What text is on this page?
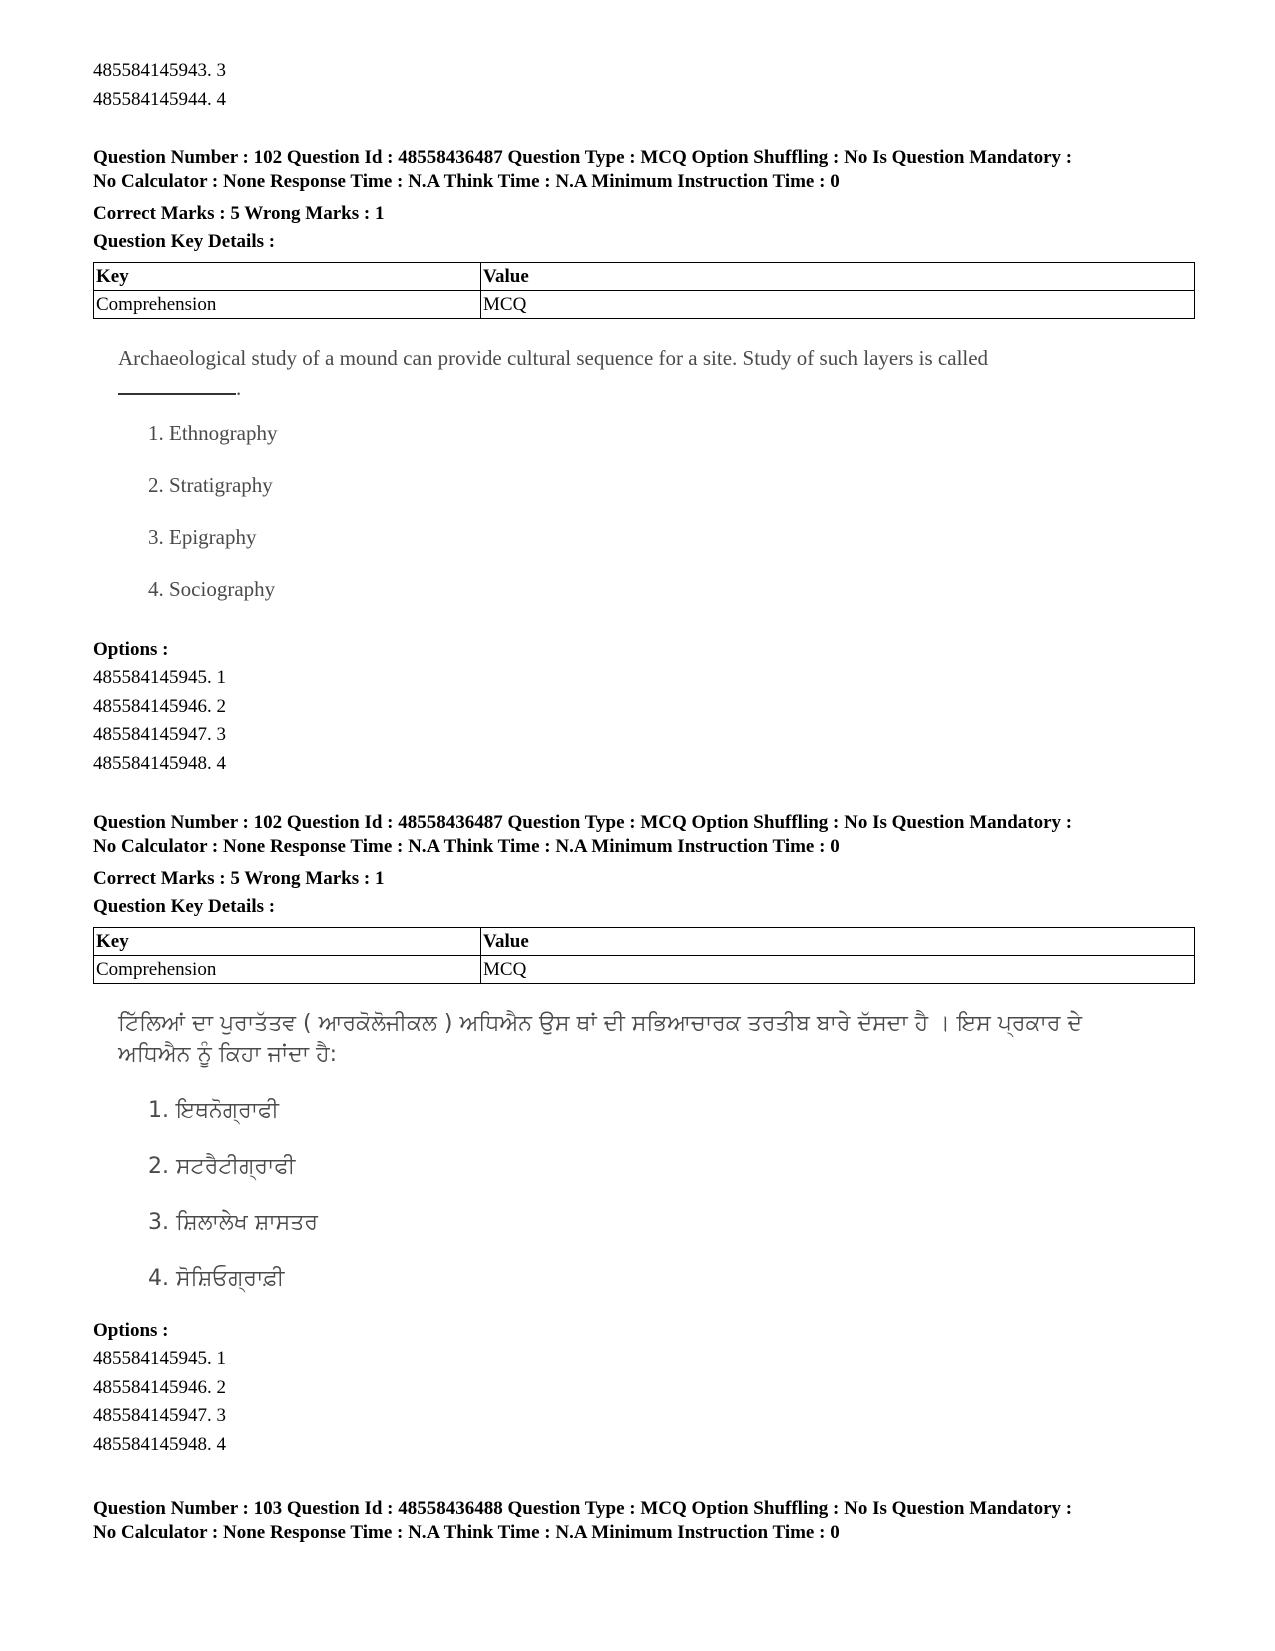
485584145943. 3
485584145944. 4
Question Number : 102 Question Id : 48558436487 Question Type : MCQ Option Shuffling : No Is Question Mandatory :
No Calculator : None Response Time : N.A Think Time : N.A Minimum Instruction Time : 0
Correct Marks : 5 Wrong Marks : 1
Question Key Details :
Key	Value
Comprehension	MCQ
Archaeological study of a mound can provide cultural sequence for a site. Study of such layers is called
.
1. Ethnography
2. Stratigraphy
3. Epigraphy
4. Sociography
Options :
485584145945. 1
485584145946. 2
485584145947. 3
485584145948. 4
Question Number : 102 Question Id : 48558436487 Question Type : MCQ Option Shuffling : No Is Question Mandatory :
No Calculator : None Response Time : N.A Think Time : N.A Minimum Instruction Time : 0
Correct Marks : 5 Wrong Marks : 1
Question Key Details :
Key	Value
Comprehension	MCQ
ਟਿੱਲਿਆਂ ਦਾ ਪੁਰਾਤੱਤਵ ( ਆਰਕੋਲੋਜੀਕਲ ) ਅਧਿਐਨ ਉਸ ਥਾਂ ਦੀ ਸਭਿਆਚਾਰਕ ਤਰਤੀਬ ਬਾਰੇ ਦੱਸਦਾ ਹੈ । ਇਸ ਪ੍ਰਕਾਰ ਦੇ
ਅਧਿਐਨ ਨੂੰ ਕਿਹਾ ਜਾਂਦਾ ਹੈ:
1. ਇਥਨੋਗ੍ਰਾਫੀ
2. ਸਟਰੈਟੀਗ੍ਰਾਫੀ
3. ਸ਼ਿਲਾਲੇਖ ਸ਼ਾਸਤਰ
4. ਸੋਸ਼ਿਓਗ੍ਰਾਫ਼ੀ
Options :
485584145945. 1
485584145946. 2
485584145947. 3
485584145948. 4
Question Number : 103 Question Id : 48558436488 Question Type : MCQ Option Shuffling : No Is Question Mandatory :
No Calculator : None Response Time : N.A Think Time : N.A Minimum Instruction Time : 0
